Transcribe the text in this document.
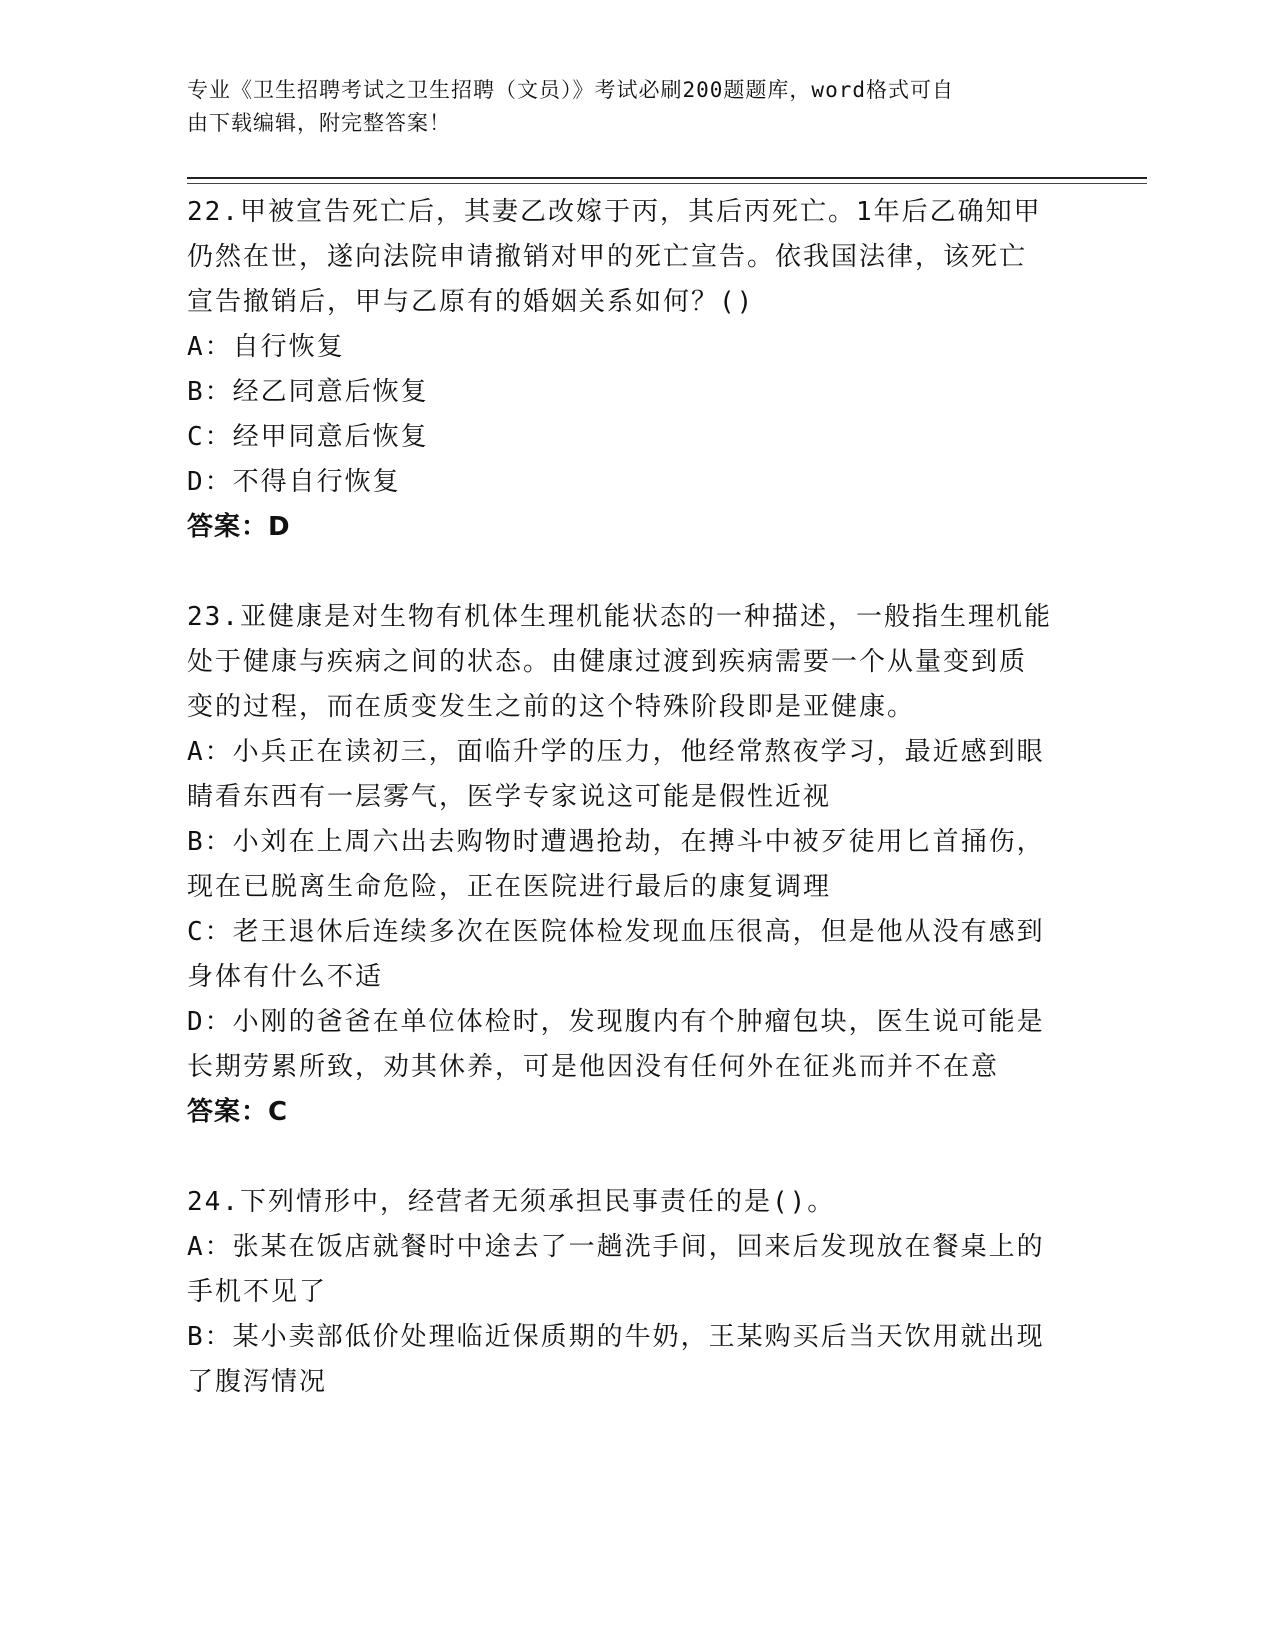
专业《卫生招聘考试之卫生招聘（文员）》考试必刷200题题库，word格式可自
由下载编辑，附完整答案！
22.甲被宣告死亡后，其妻乙改嫁于丙，其后丙死亡。1年后乙确知甲
仍然在世，遂向法院申请撤销对甲的死亡宣告。依我国法律，该死亡
宣告撤销后，甲与乙原有的婚姻关系如何？()
A：自行恢复
B：经乙同意后恢复
C：经甲同意后恢复
D：不得自行恢复
答案：D
23.亚健康是对生物有机体生理机能状态的一种描述，一般指生理机能
处于健康与疾病之间的状态。由健康过渡到疾病需要一个从量变到质
变的过程，而在质变发生之前的这个特殊阶段即是亚健康。
A：小兵正在读初三，面临升学的压力，他经常熬夜学习，最近感到眼
睛看东西有一层雾气，医学专家说这可能是假性近视
B：小刘在上周六出去购物时遭遇抢劫，在搏斗中被歹徒用匕首捅伤，
现在已脱离生命危险，正在医院进行最后的康复调理
C：老王退休后连续多次在医院体检发现血压很高，但是他从没有感到
身体有什么不适
D：小刚的爸爸在单位体检时，发现腹内有个肿瘤包块，医生说可能是
长期劳累所致，劝其休养，可是他因没有任何外在征兆而并不在意
答案：C
24.下列情形中，经营者无须承担民事责任的是()。
A：张某在饭店就餐时中途去了一趟洗手间，回来后发现放在餐桌上的
手机不见了
B：某小卖部低价处理临近保质期的牛奶，王某购买后当天饮用就出现
了腹泻情况
